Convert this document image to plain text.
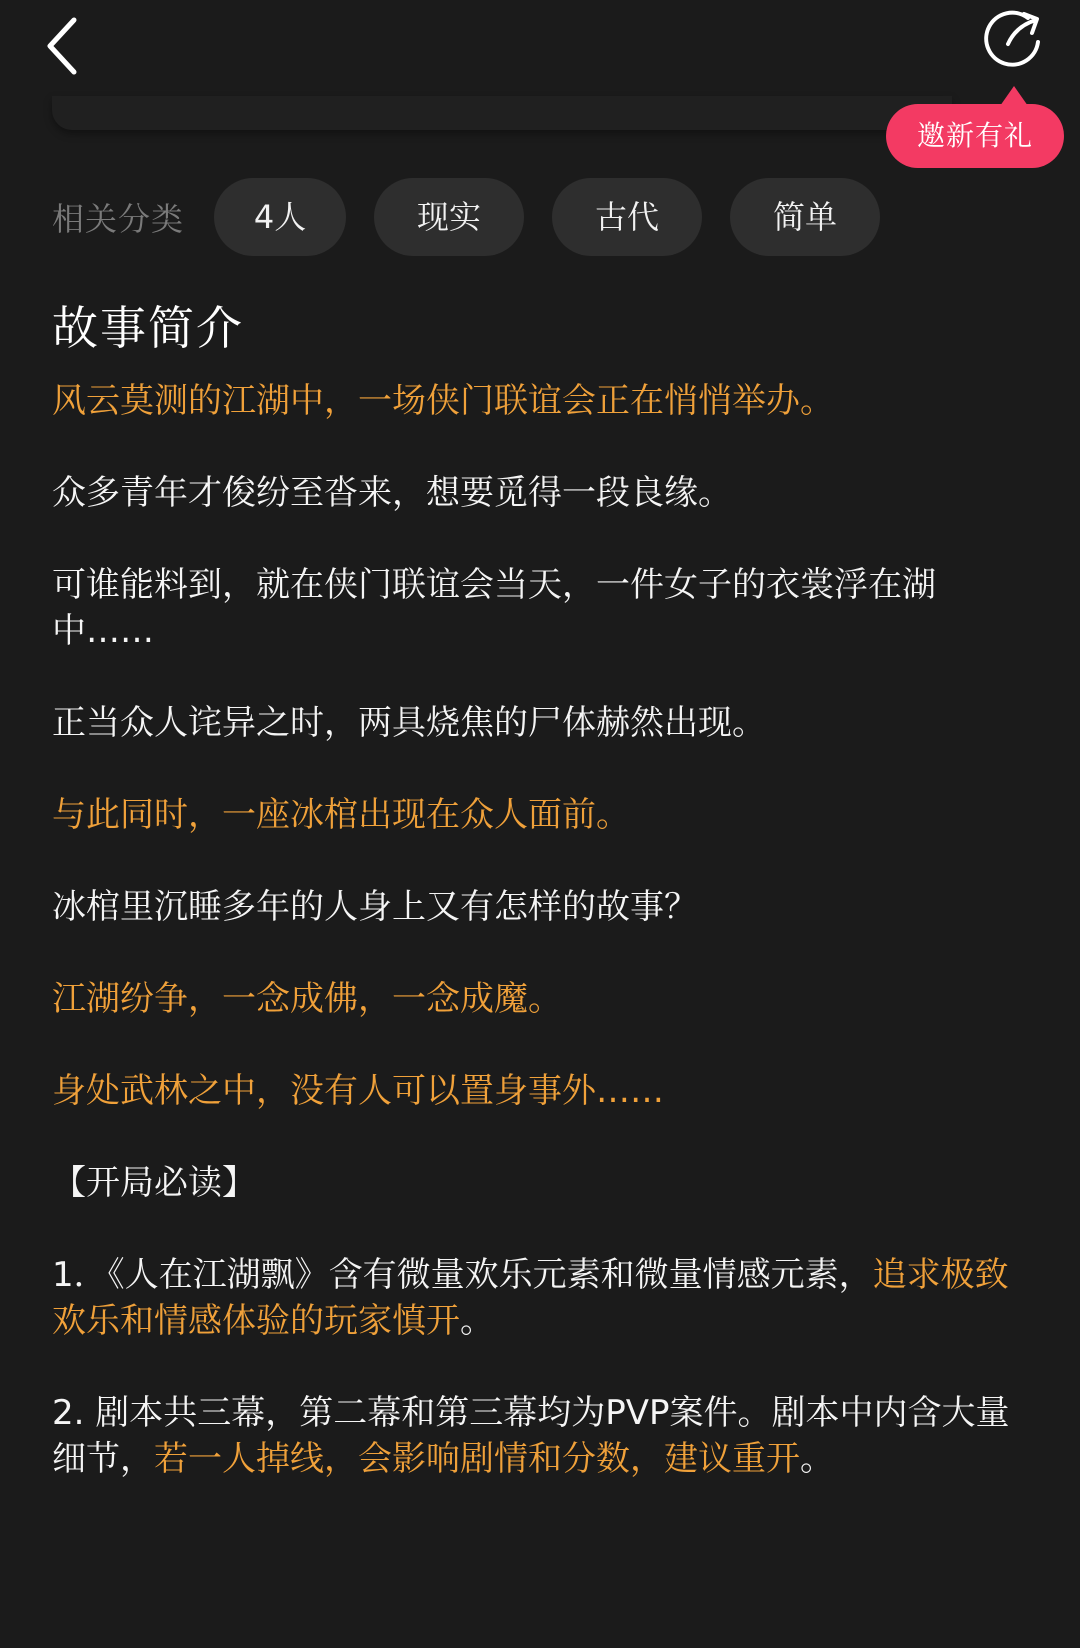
邀新有礼
相关分类	4人	现实	古代	简单
故事简介

风云莫测的江湖中，一场侠门联谊会正在悄悄举办。

众多青年才俊纷至沓来，想要觅得一段良缘。

可谁能料到，就在侠门联谊会当天，一件女子的衣裳浮在湖中……

正当众人诧异之时，两具烧焦的尸体赫然出现。

与此同时，一座冰棺出现在众人面前。

冰棺里沉睡多年的人身上又有怎样的故事？

江湖纷争，一念成佛，一念成魔。

身处武林之中，没有人可以置身事外……

【开局必读】

1．《人在江湖飘》含有微量欢乐元素和微量情感元素，追求极致欢乐和情感体验的玩家慎开。

2. 剧本共三幕，第二幕和第三幕均为PVP案件。剧本中内含大量细节，若一人掉线，会影响剧情和分数，建议重开。
